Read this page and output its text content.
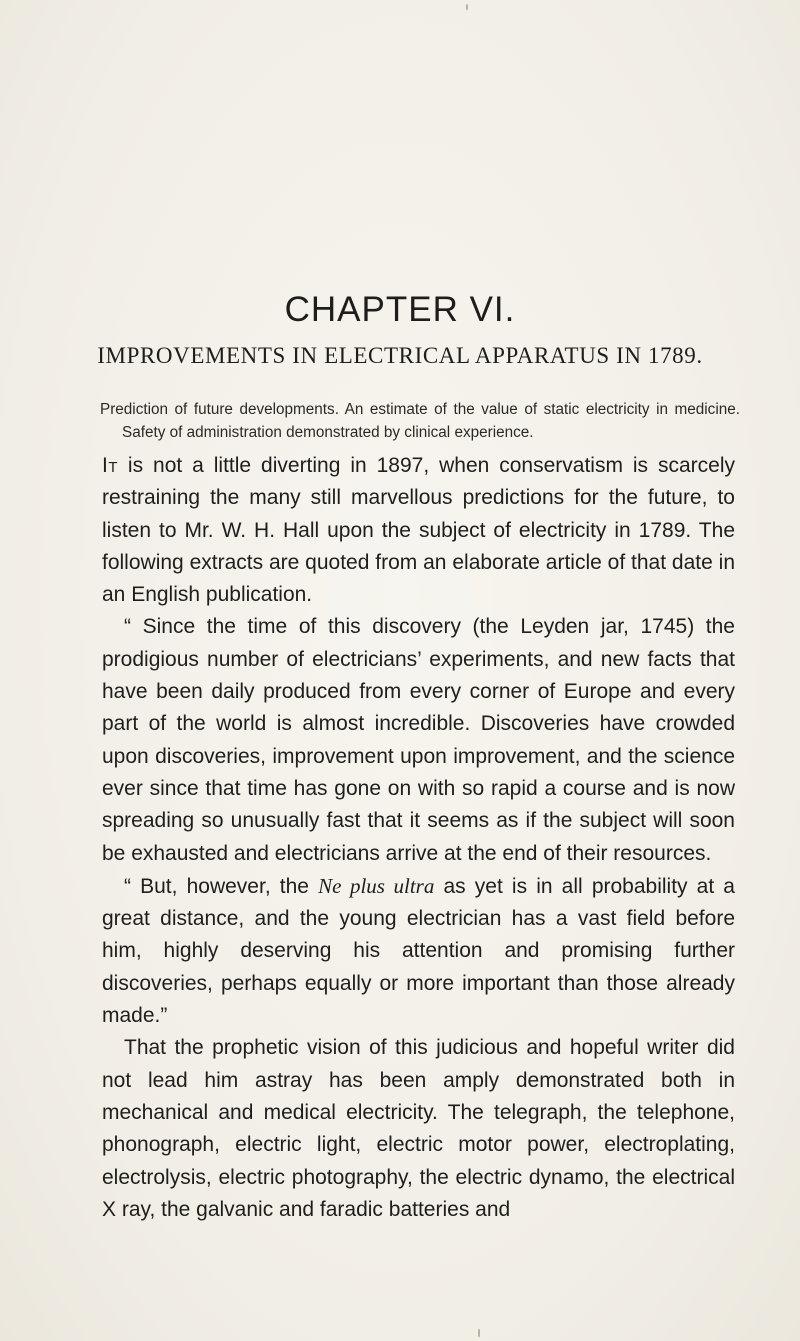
CHAPTER VI.
IMPROVEMENTS IN ELECTRICAL APPARATUS IN 1789.
Prediction of future developments. An estimate of the value of static electricity in medicine. Safety of administration demonstrated by clinical experience.

It is not a little diverting in 1897, when conservatism is scarcely restraining the many still marvellous predictions for the future, to listen to Mr. W. H. Hall upon the subject of electricity in 1789. The following extracts are quoted from an elaborate article of that date in an English publication.

“ Since the time of this discovery (the Leyden jar, 1745) the prodigious number of electricians’ experiments, and new facts that have been daily produced from every corner of Europe and every part of the world is almost incredible. Discoveries have crowded upon discoveries, improvement upon improvement, and the science ever since that time has gone on with so rapid a course and is now spreading so unusually fast that it seems as if the subject will soon be exhausted and electricians arrive at the end of their resources.

“ But, however, the Ne plus ultra as yet is in all probability at a great distance, and the young electrician has a vast field before him, highly deserving his attention and promising further discoveries, perhaps equally or more important than those already made.”

That the prophetic vision of this judicious and hopeful writer did not lead him astray has been amply demonstrated both in mechanical and medical electricity. The telegraph, the telephone, phonograph, electric light, electric motor power, electroplating, electrolysis, electric photography, the electric dynamo, the electrical X ray, the galvanic and faradic batteries and
